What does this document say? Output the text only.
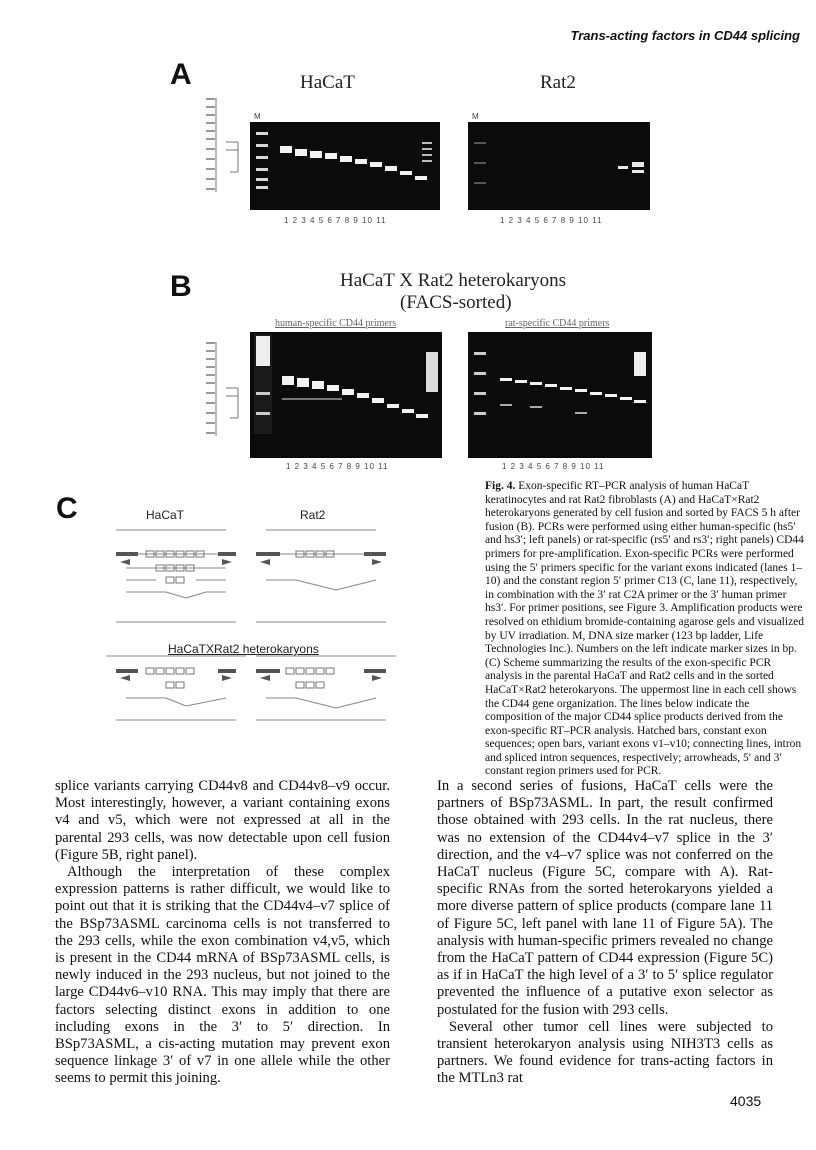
Trans-acting factors in CD44 splicing
A	HaCaT	Rat2
M	M
1 2 3 4 5 6 7 8 9 10 11	1 2 3 4 5 6 7 8 9 10 11
B	HaCaT X Rat2 heterokaryons
(FACS-sorted)
human-specific CD44 primers	rat-specific CD44 primers
1 2 3 4 5 6 7 8 9 10 11	1 2 3 4 5 6 7 8 9 10 11
C	HaCaT	Rat2
HaCaTXRat2 heterokaryons
Fig. 4. Exon-specific RT–PCR analysis of human HaCaT keratinocytes and rat Rat2 fibroblasts (A) and HaCaT×Rat2 heterokaryons generated by cell fusion and sorted by FACS 5 h after fusion (B). PCRs were performed using either human-specific (hs5′ and hs3′; left panels) or rat-specific (rs5′ and rs3′; right panels) CD44 primers for pre-amplification. Exon-specific PCRs were performed using the 5′ primers specific for the variant exons indicated (lanes 1–10) and the constant region 5′ primer C13 (C, lane 11), respectively, in combination with the 3′ rat C2A primer or the 3′ human primer hs3′. For primer positions, see Figure 3. Amplification products were resolved on ethidium bromide-containing agarose gels and visualized by UV irradiation. M, DNA size marker (123 bp ladder, Life Technologies Inc.). Numbers on the left indicate marker sizes in bp. (C) Scheme summarizing the results of the exon-specific PCR analysis in the parental HaCaT and Rat2 cells and in the sorted HaCaT×Rat2 heterokaryons. The uppermost line in each cell shows the CD44 gene organization. The lines below indicate the composition of the major CD44 splice products derived from the exon-specific RT–PCR analysis. Hatched bars, constant exon sequences; open bars, variant exons v1–v10; connecting lines, intron and spliced intron sequences, respectively; arrowheads, 5′ and 3′ constant region primers used for PCR.

splice variants carrying CD44v8 and CD44v8–v9 occur. Most interestingly, however, a variant containing exons v4 and v5, which were not expressed at all in the parental 293 cells, was now detectable upon cell fusion (Figure 5B, right panel).

Although the interpretation of these complex expression patterns is rather difficult, we would like to point out that it is striking that the CD44v4–v7 splice of the BSp73ASML carcinoma cells is not transferred to the 293 cells, while the exon combination v4,v5, which is present in the CD44 mRNA of BSp73ASML cells, is newly induced in the 293 nucleus, but not joined to the large CD44v6–v10 RNA. This may imply that there are factors selecting distinct exons in addition to one including exons in the 3′ to 5′ direction. In BSp73ASML, a cis-acting mutation may prevent exon sequence linkage 3′ of v7 in one allele while the other seems to permit this joining.

In a second series of fusions, HaCaT cells were the partners of BSp73ASML. In part, the result confirmed those obtained with 293 cells. In the rat nucleus, there was no extension of the CD44v4–v7 splice in the 3′ direction, and the v4–v7 splice was not conferred on the HaCaT nucleus (Figure 5C, compare with A). Rat-specific RNAs from the sorted heterokaryons yielded a more diverse pattern of splice products (compare lane 11 of Figure 5C, left panel with lane 11 of Figure 5A). The analysis with human-specific primers revealed no change from the HaCaT pattern of CD44 expression (Figure 5C) as if in HaCaT the high level of a 3′ to 5′ splice regulator prevented the influence of a putative exon selector as postulated for the fusion with 293 cells.

Several other tumor cell lines were subjected to transient heterokaryon analysis using NIH3T3 cells as partners. We found evidence for trans-acting factors in the MTLn3 rat

4035
